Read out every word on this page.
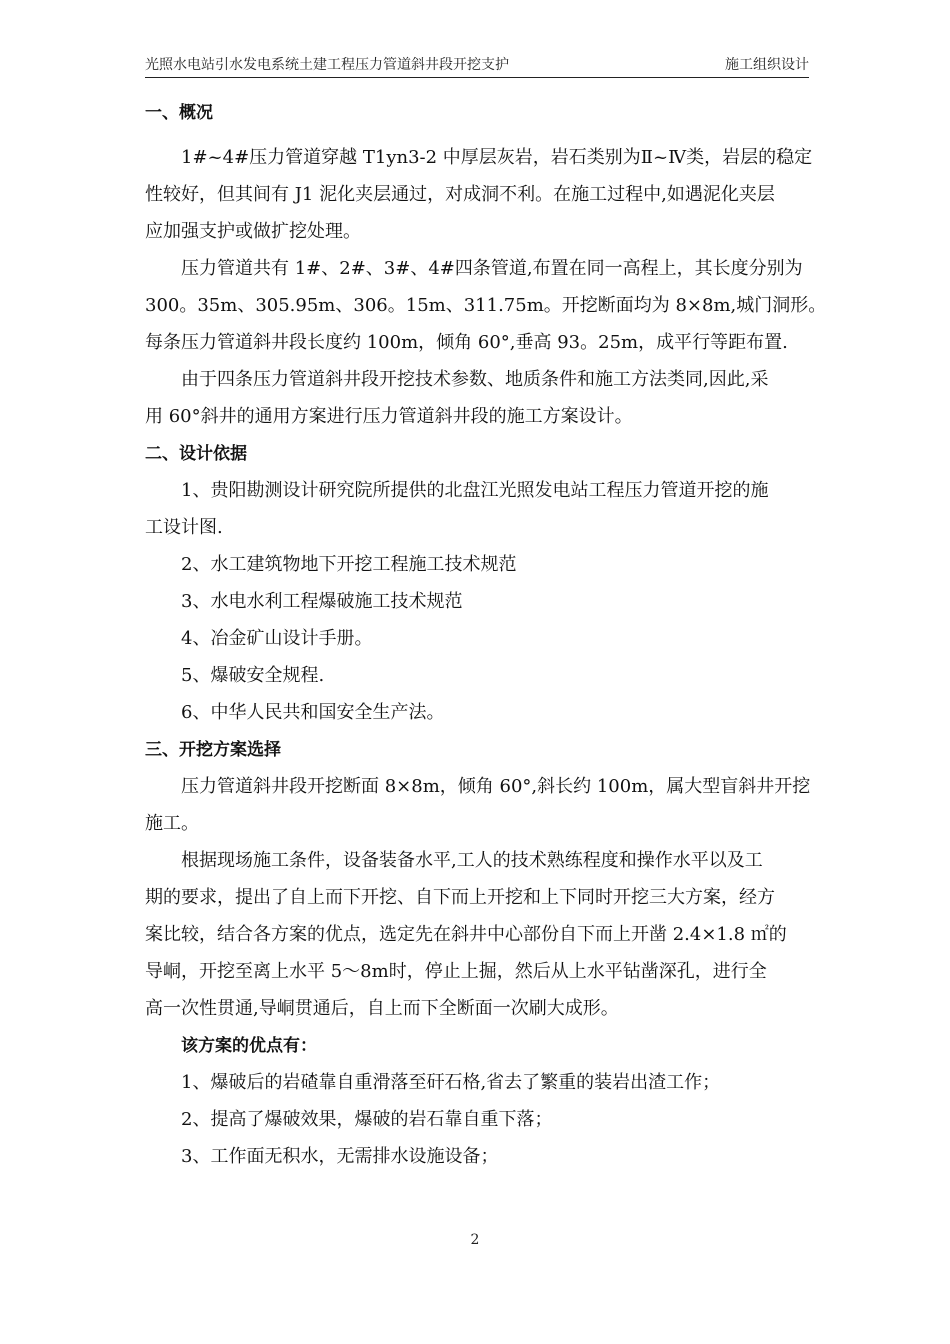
光照水电站引水发电系统土建工程压力管道斜井段开挖支护	施工组织设计
一、概况
1#~4#压力管道穿越 T1yn3-2 中厚层灰岩，岩石类别为Ⅱ~Ⅳ类，岩层的稳定
性较好，但其间有 J1 泥化夹层通过，对成洞不利。在施工过程中,如遇泥化夹层
应加强支护或做扩挖处理。
压力管道共有 1#、2#、3#、4#四条管道,布置在同一高程上，其长度分别为
300。35m、305.95m、306。15m、311.75m。开挖断面均为 8×8m,城门洞形。
每条压力管道斜井段长度约 100m，倾角 60°,垂高 93。25m，成平行等距布置.
由于四条压力管道斜井段开挖技术参数、地质条件和施工方法类同,因此,采
用 60°斜井的通用方案进行压力管道斜井段的施工方案设计。
二、设计依据
1、贵阳勘测设计研究院所提供的北盘江光照发电站工程压力管道开挖的施
工设计图.
2、水工建筑物地下开挖工程施工技术规范
3、水电水利工程爆破施工技术规范
4、冶金矿山设计手册。
5、爆破安全规程.
6、中华人民共和国安全生产法。
三、开挖方案选择
压力管道斜井段开挖断面 8×8m，倾角 60°,斜长约 100m，属大型盲斜井开挖
施工。
根据现场施工条件，设备装备水平,工人的技术熟练程度和操作水平以及工
期的要求，提出了自上而下开挖、自下而上开挖和上下同时开挖三大方案，经方
案比较，结合各方案的优点，选定先在斜井中心部份自下而上开凿 2.4×1.8 ㎡的
导峒，开挖至离上水平 5～8m时，停止上掘，然后从上水平钻凿深孔，进行全
高一次性贯通,导峒贯通后，自上而下全断面一次刷大成形。
该方案的优点有：
1、爆破后的岩碴靠自重滑落至矸石格,省去了繁重的装岩出渣工作；
2、提高了爆破效果，爆破的岩石靠自重下落；
3、工作面无积水，无需排水设施设备；
2
